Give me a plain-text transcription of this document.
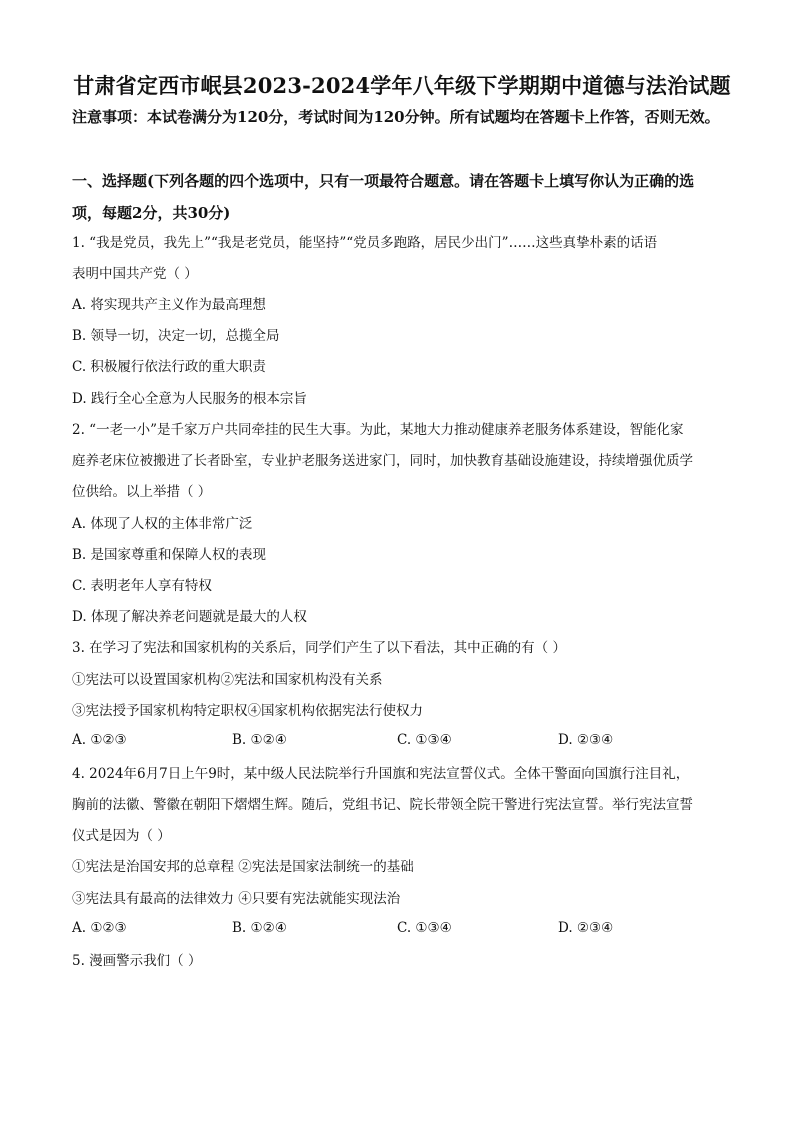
甘肃省定西市岷县2023-2024学年八年级下学期期中道德与法治试题
注意事项：本试卷满分为120分，考试时间为120分钟。所有试题均在答题卡上作答，否则无效。
一、选择题(下列各题的四个选项中，只有一项最符合题意。请在答题卡上填写你认为正确的选项，每题2分，共30分)
1. “我是党员，我先上”“我是老党员，能坚持”“党员多跑路，居民少出门”……这些真挚朴素的话语
表明中国共产党（ ）
A. 将实现共产主义作为最高理想
B. 领导一切，决定一切，总揽全局
C. 积极履行依法行政的重大职责
D. 践行全心全意为人民服务的根本宗旨
2. “一老一小”是千家万户共同牵挂的民生大事。为此，某地大力推动健康养老服务体系建设，智能化家
庭养老床位被搬进了长者卧室，专业护老服务送进家门，同时，加快教育基础设施建设，持续增强优质学
位供给。以上举措（ ）
A. 体现了人权的主体非常广泛
B. 是国家尊重和保障人权的表现
C. 表明老年人享有特权
D. 体现了解决养老问题就是最大的人权
3. 在学习了宪法和国家机构的关系后，同学们产生了以下看法，其中正确的有（ ）
①宪法可以设置国家机构②宪法和国家机构没有关系
③宪法授予国家机构特定职权④国家机构依据宪法行使权力
A. ①②③	B. ①②④	C. ①③④	D. ②③④
4. 2024年6月7日上午9时，某中级人民法院举行升国旗和宪法宣誓仪式。全体干警面向国旗行注目礼，
胸前的法徽、警徽在朝阳下熠熠生辉。随后，党组书记、院长带领全院干警进行宪法宣誓。举行宪法宣誓
仪式是因为（ ）
①宪法是治国安邦的总章程 ②宪法是国家法制统一的基础
③宪法具有最高的法律效力 ④只要有宪法就能实现法治
A. ①②③	B. ①②④	C. ①③④	D. ②③④
5. 漫画警示我们（ ）
